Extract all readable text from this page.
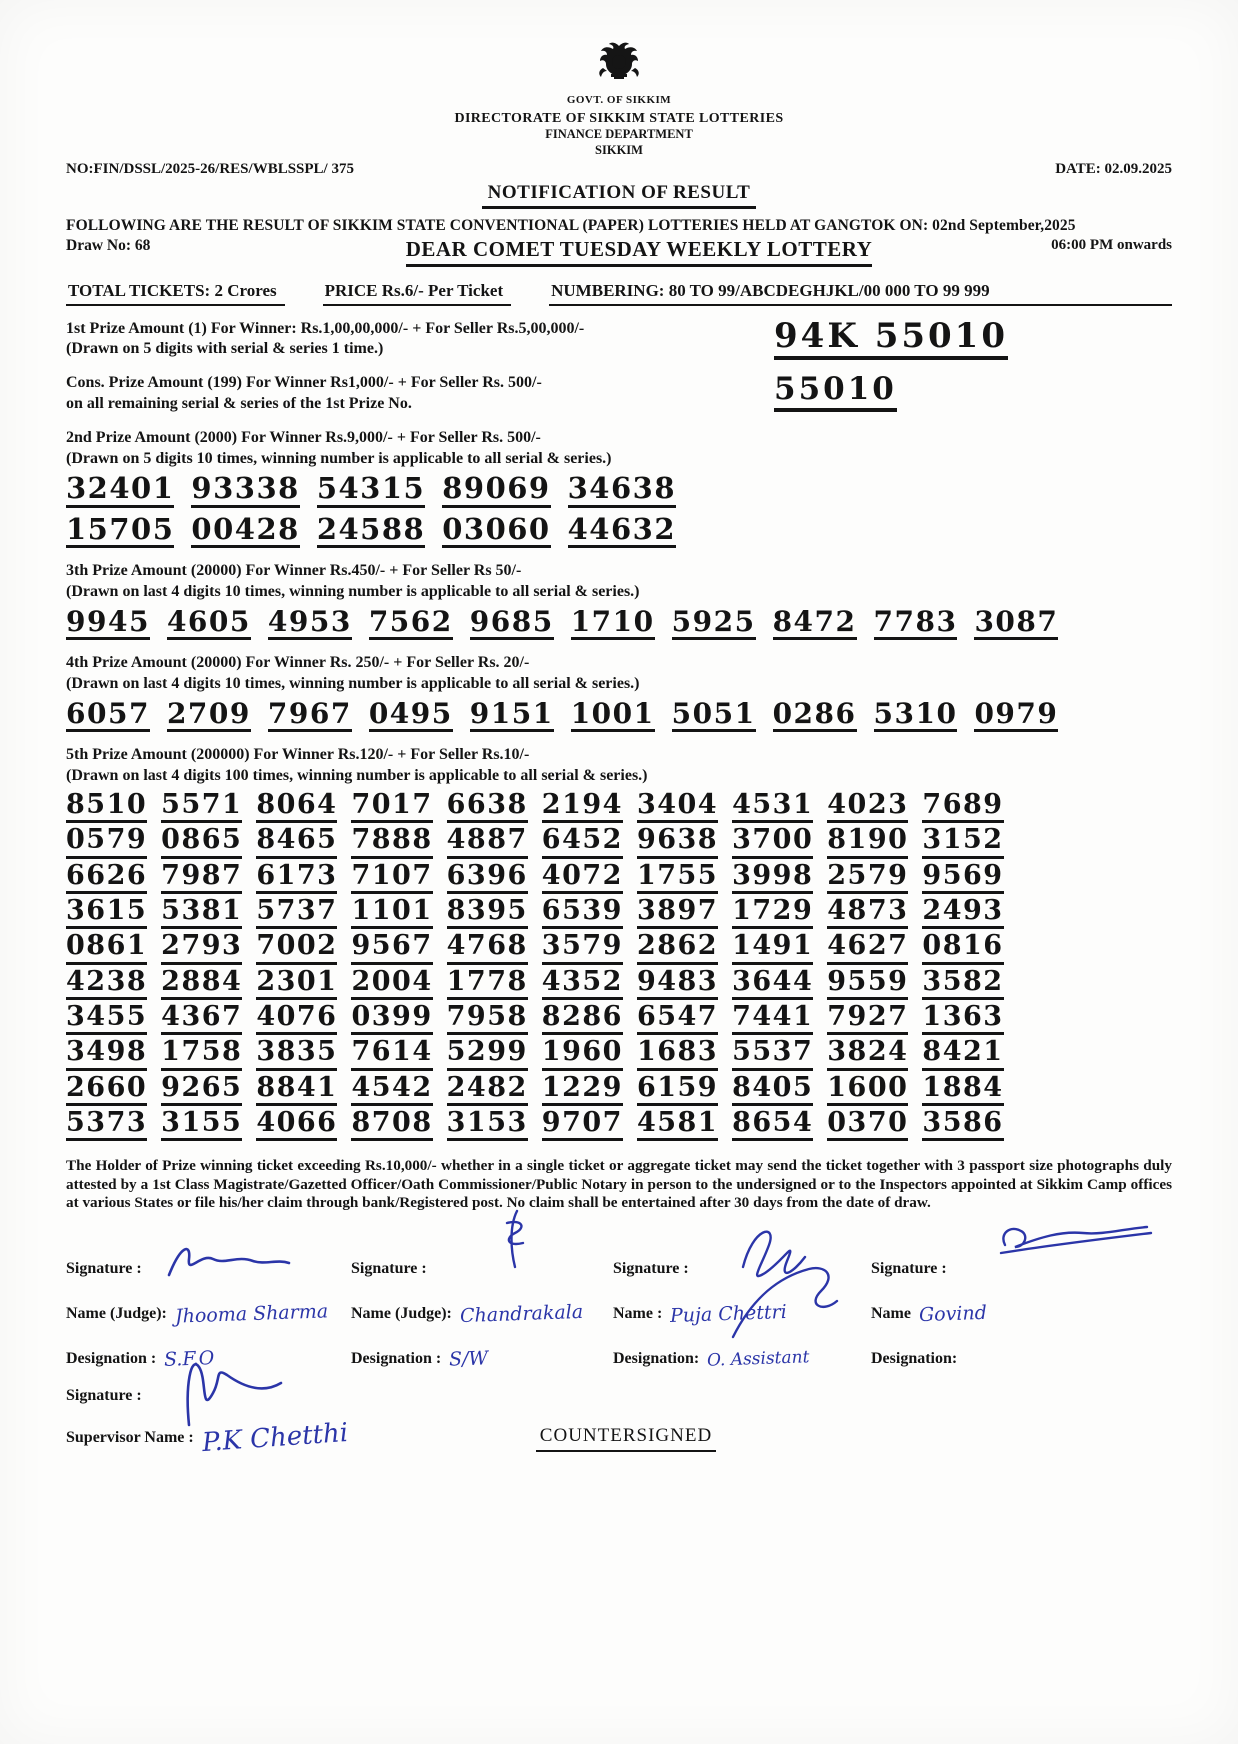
GOVT. OF SIKKIM
DIRECTORATE OF SIKKIM STATE LOTTERIES
FINANCE DEPARTMENT
SIKKIM
NO:FIN/DSSL/2025-26/RES/WBLSSPL/ 375	DATE: 02.09.2025
NOTIFICATION OF RESULT
FOLLOWING ARE THE RESULT OF SIKKIM STATE CONVENTIONAL (PAPER) LOTTERIES HELD AT GANGTOK ON: 02nd September,2025
Draw No: 68	DEAR COMET TUESDAY WEEKLY LOTTERY	06:00 PM onwards
TOTAL TICKETS: 2 Crores	PRICE Rs.6/- Per Ticket	NUMBERING: 80 TO 99/ABCDEGHJKL/00 000 TO 99 999
1st Prize Amount (1) For Winner: Rs.1,00,00,000/- + For Seller Rs.5,00,000/-
(Drawn on 5 digits with serial & series 1 time.)	94K 55010
Cons. Prize Amount (199) For Winner Rs1,000/- + For Seller Rs. 500/-
on all remaining serial & series of the 1st Prize No.	55010
2nd Prize Amount (2000) For Winner Rs.9,000/- + For Seller Rs. 500/-
(Drawn on 5 digits 10 times, winning number is applicable to all serial & series.)
32401 93338 54315 89069 34638
15705 00428 24588 03060 44632
3th Prize Amount (20000) For Winner Rs.450/- + For Seller Rs 50/-
(Drawn on last 4 digits 10 times, winning number is applicable to all serial & series.)
9945 4605 4953 7562 9685 1710 5925 8472 7783 3087
4th Prize Amount (20000) For Winner Rs. 250/- + For Seller Rs. 20/-
(Drawn on last 4 digits 10 times, winning number is applicable to all serial & series.)
6057 2709 7967 0495 9151 1001 5051 0286 5310 0979
5th Prize Amount (200000) For Winner Rs.120/- + For Seller Rs.10/-
(Drawn on last 4 digits 100 times, winning number is applicable to all serial & series.)
8510 5571 8064 7017 6638 2194 3404 4531 4023 7689
0579 0865 8465 7888 4887 6452 9638 3700 8190 3152
6626 7987 6173 7107 6396 4072 1755 3998 2579 9569
3615 5381 5737 1101 8395 6539 3897 1729 4873 2493
0861 2793 7002 9567 4768 3579 2862 1491 4627 0816
4238 2884 2301 2004 1778 4352 9483 3644 9559 3582
3455 4367 4076 0399 7958 8286 6547 7441 7927 1363
3498 1758 3835 7614 5299 1960 1683 5537 3824 8421
2660 9265 8841 4542 2482 1229 6159 8405 1600 1884
5373 3155 4066 8708 3153 9707 4581 8654 0370 3586
The Holder of Prize winning ticket exceeding Rs.10,000/- whether in a single ticket or aggregate ticket may send the ticket together with 3 passport size photographs duly attested by a 1st Class Magistrate/Gazetted Officer/Oath Commissioner/Public Notary in person to the undersigned or to the Inspectors appointed at Sikkim Camp offices at various States or file his/her claim through bank/Registered post. No claim shall be entertained after 30 days from the date of draw.
Signature :
Name (Judge): Jhooma Sharma
Designation : S.F.O
Signature :
Name (Judge): Chandrakala
Designation : S/W
Signature :
Name : Puja Chettri
Designation: O. Assistant
Signature :
Name Govind
Designation:
Signature :
Supervisor Name : P.K Chetthi	COUNTERSIGNED
